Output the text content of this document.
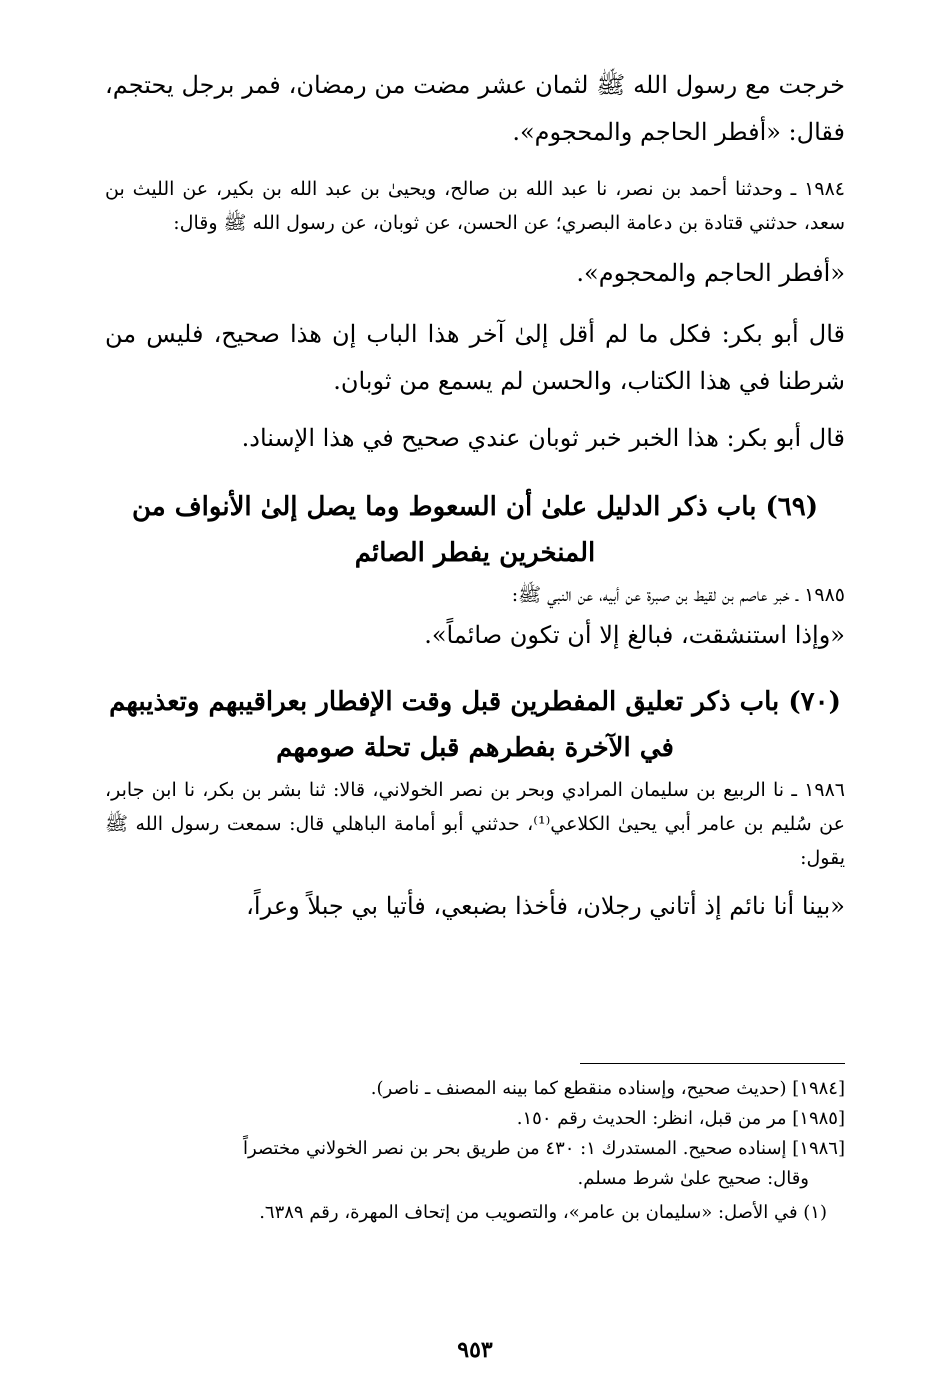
خرجت مع رسول الله ﷺ لثمان عشر مضت من رمضان، فمر برجل يحتجم، فقال: «أفطر الحاجم والمحجوم».

١٩٨٤ ـ وحدثنا أحمد بن نصر، نا عبد الله بن صالح، ويحيىٰ بن عبد الله بن بكير، عن الليث بن سعد، حدثني قتادة بن دعامة البصري؛ عن الحسن، عن ثوبان، عن رسول الله ﷺ وقال:

«أفطر الحاجم والمحجوم».

قال أبو بكر: فكل ما لم أقل إلىٰ آخر هذا الباب إن هذا صحيح، فليس من شرطنا في هذا الكتاب، والحسن لم يسمع من ثوبان.

قال أبو بكر: هذا الخبر خبر ثوبان عندي صحيح في هذا الإسناد.

(٦٩) باب ذكر الدليل علىٰ أن السعوط وما يصل إلىٰ الأنواف من المنخرين يفطر الصائم

١٩٨٥ ـ خبر عاصم بن لقيط بن صبرة عن أبيه، عن النبي ﷺ:

«وإذا استنشقت، فبالغ إلا أن تكون صائماً».

(٧٠) باب ذكر تعليق المفطرين قبل وقت الإفطار بعراقيبهم وتعذيبهم في الآخرة بفطرهم قبل تحلة صومهم

١٩٨٦ ـ نا الربيع بن سليمان المرادي وبحر بن نصر الخولاني، قالا: ثنا بشر بن بكر، نا ابن جابر، عن سُليم بن عامر أبي يحيىٰ الكلاعي⁽¹⁾، حدثني أبو أمامة الباهلي قال: سمعت رسول الله ﷺ يقول:

«بينا أنا نائم إذ أتاني رجلان، فأخذا بضبعي، فأتيا بي جبلاً وعراً،

[١٩٨٤] (حديث صحيح، وإسناده منقطع كما بينه المصنف ـ ناصر).

[١٩٨٥] مر من قبل، انظر: الحديث رقم ١٥٠.

[١٩٨٦] إسناده صحيح. المستدرك ١: ٤٣٠ من طريق بحر بن نصر الخولاني مختصراً

وقال: صحيح علىٰ شرط مسلم.

(١) في الأصل: «سليمان بن عامر»، والتصويب من إتحاف المهرة، رقم ٦٣٨٩.

٩٥٣
